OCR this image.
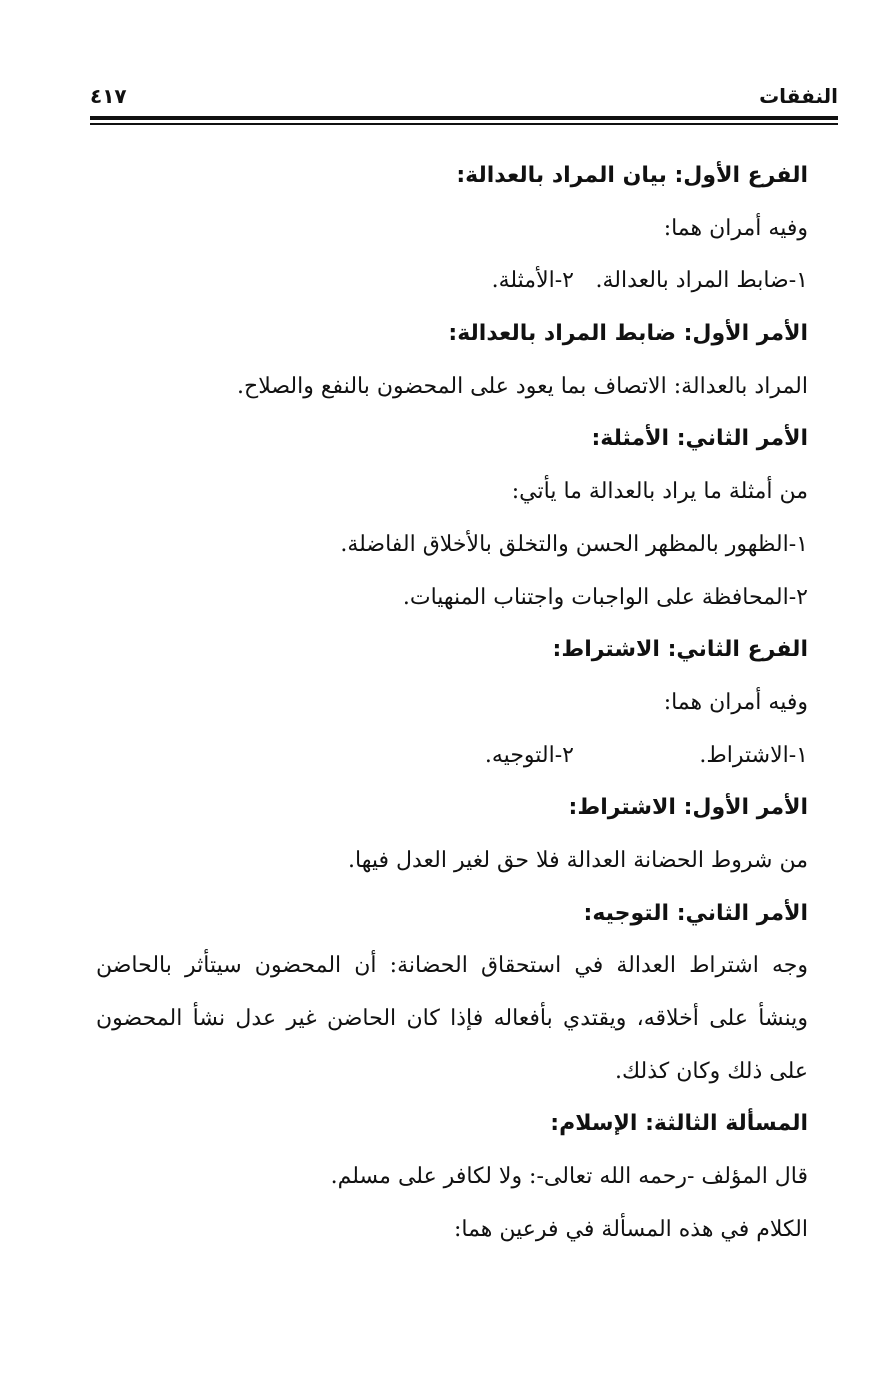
النفقات
٤١٧
الفرع الأول: بيان المراد بالعدالة:
وفيه أمران هما:
١-ضابط المراد بالعدالة.
٢-الأمثلة.
الأمر الأول: ضابط المراد بالعدالة:
المراد بالعدالة: الاتصاف بما يعود على المحضون بالنفع والصلاح.
الأمر الثاني: الأمثلة:
من أمثلة ما يراد بالعدالة ما يأتي:
١-الظهور بالمظهر الحسن والتخلق بالأخلاق الفاضلة.
٢-المحافظة على الواجبات واجتناب المنهيات.
الفرع الثاني: الاشتراط:
وفيه أمران هما:
١-الاشتراط.
٢-التوجيه.
الأمر الأول: الاشتراط:
من شروط الحضانة العدالة فلا حق لغير العدل فيها.
الأمر الثاني: التوجيه:
وجه اشتراط العدالة في استحقاق الحضانة: أن المحضون سيتأثر بالحاضن
وينشأ على أخلاقه، ويقتدي بأفعاله فإذا كان الحاضن غير عدل نشأ المحضون
على ذلك وكان كذلك.
المسألة الثالثة: الإسلام:
قال المؤلف -رحمه الله تعالى-: ولا لكافر على مسلم.
الكلام في هذه المسألة في فرعين هما:
